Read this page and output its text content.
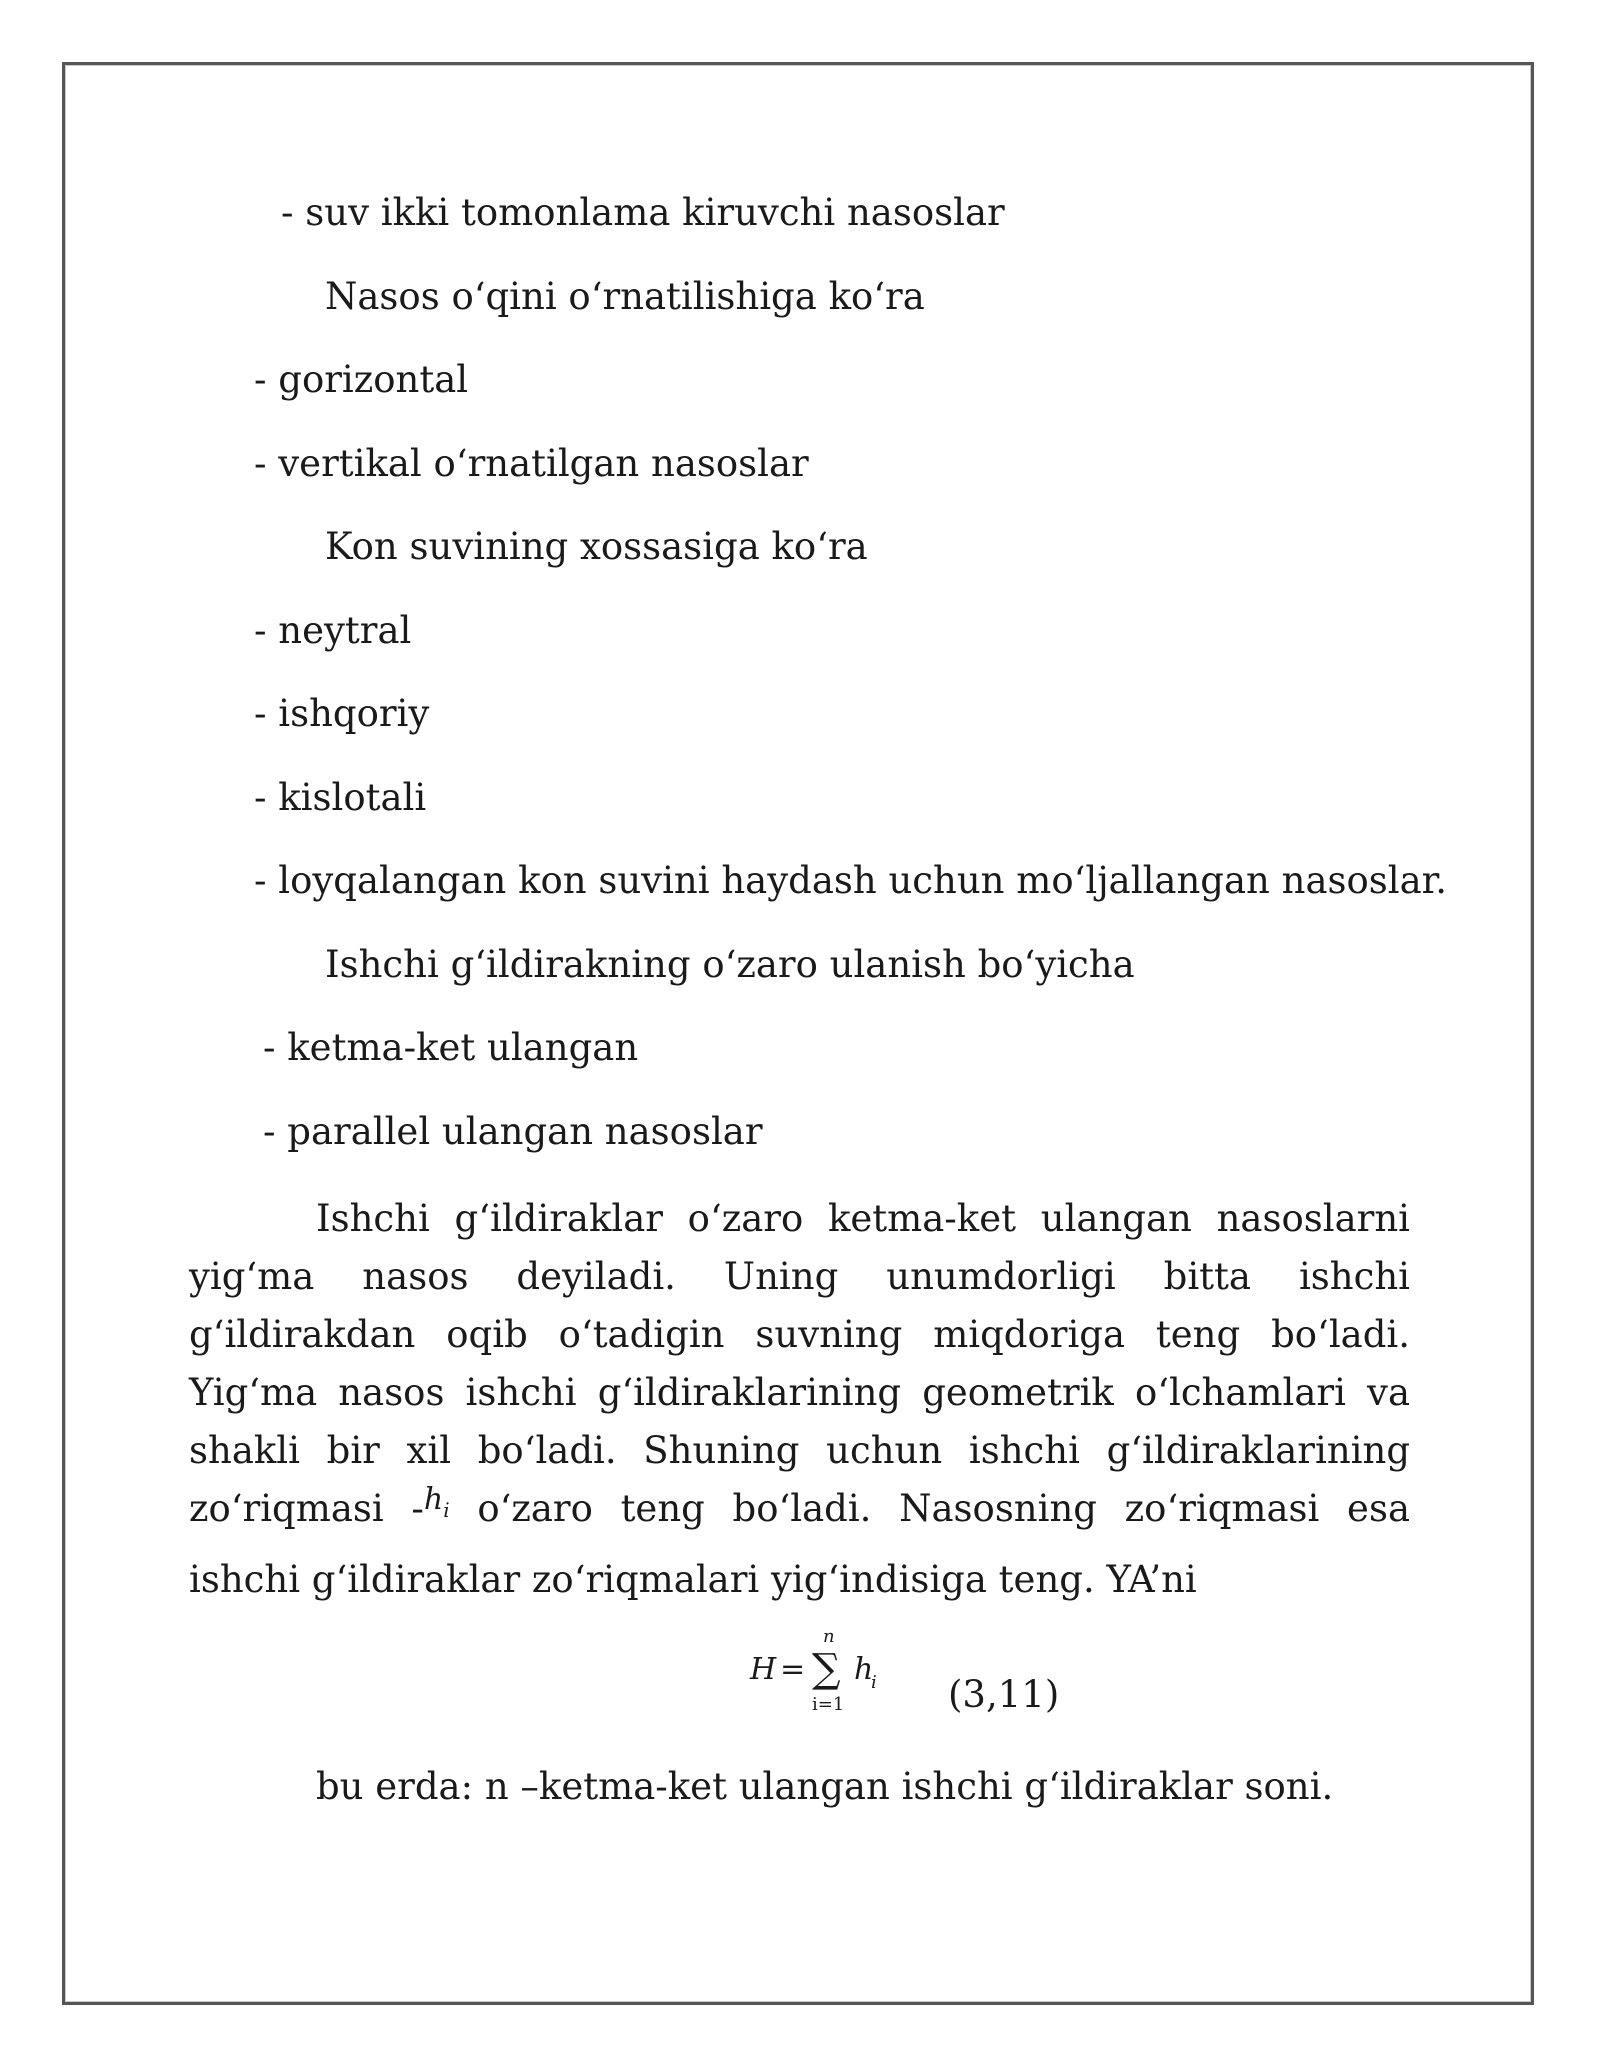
- suv ikki tomonlama kiruvchi nasoslar
Nasos o‘qini o‘rnatilishiga ko‘ra
- gorizontal
- vertikal o‘rnatilgan nasoslar
Kon suvining xossasiga ko‘ra
- neytral
- ishqoriy
- kislotali
- loyqalangan kon suvini haydash uchun mo‘ljallangan nasoslar.
Ishchi g‘ildirakning o‘zaro ulanish bo‘yicha
- ketma-ket ulangan
- parallel ulangan nasoslar
Ishchi g‘ildiraklar o‘zaro ketma-ket ulangan nasoslarni yig‘ma nasos deyiladi. Uning unumdorligi bitta ishchi g‘ildirakdan oqib o‘tadigin suvning miqdoriga teng bo‘ladi. Yig‘ma nasos ishchi g‘ildiraklarining geometrik o‘lchamlari va shakli bir xil bo‘ladi. Shuning uchun ishchi g‘ildiraklarining zo‘riqmasi -$^{h_i}$ o‘zaro teng bo‘ladi. Nasosning zo‘riqmasi esa ishchi g‘ildiraklar zo‘riqmalari yig‘indisiga teng. YA’ni
H =
n
∑
i=1
h
i (3,11)
bu erda: n –ketma-ket ulangan ishchi g‘ildiraklar soni.
